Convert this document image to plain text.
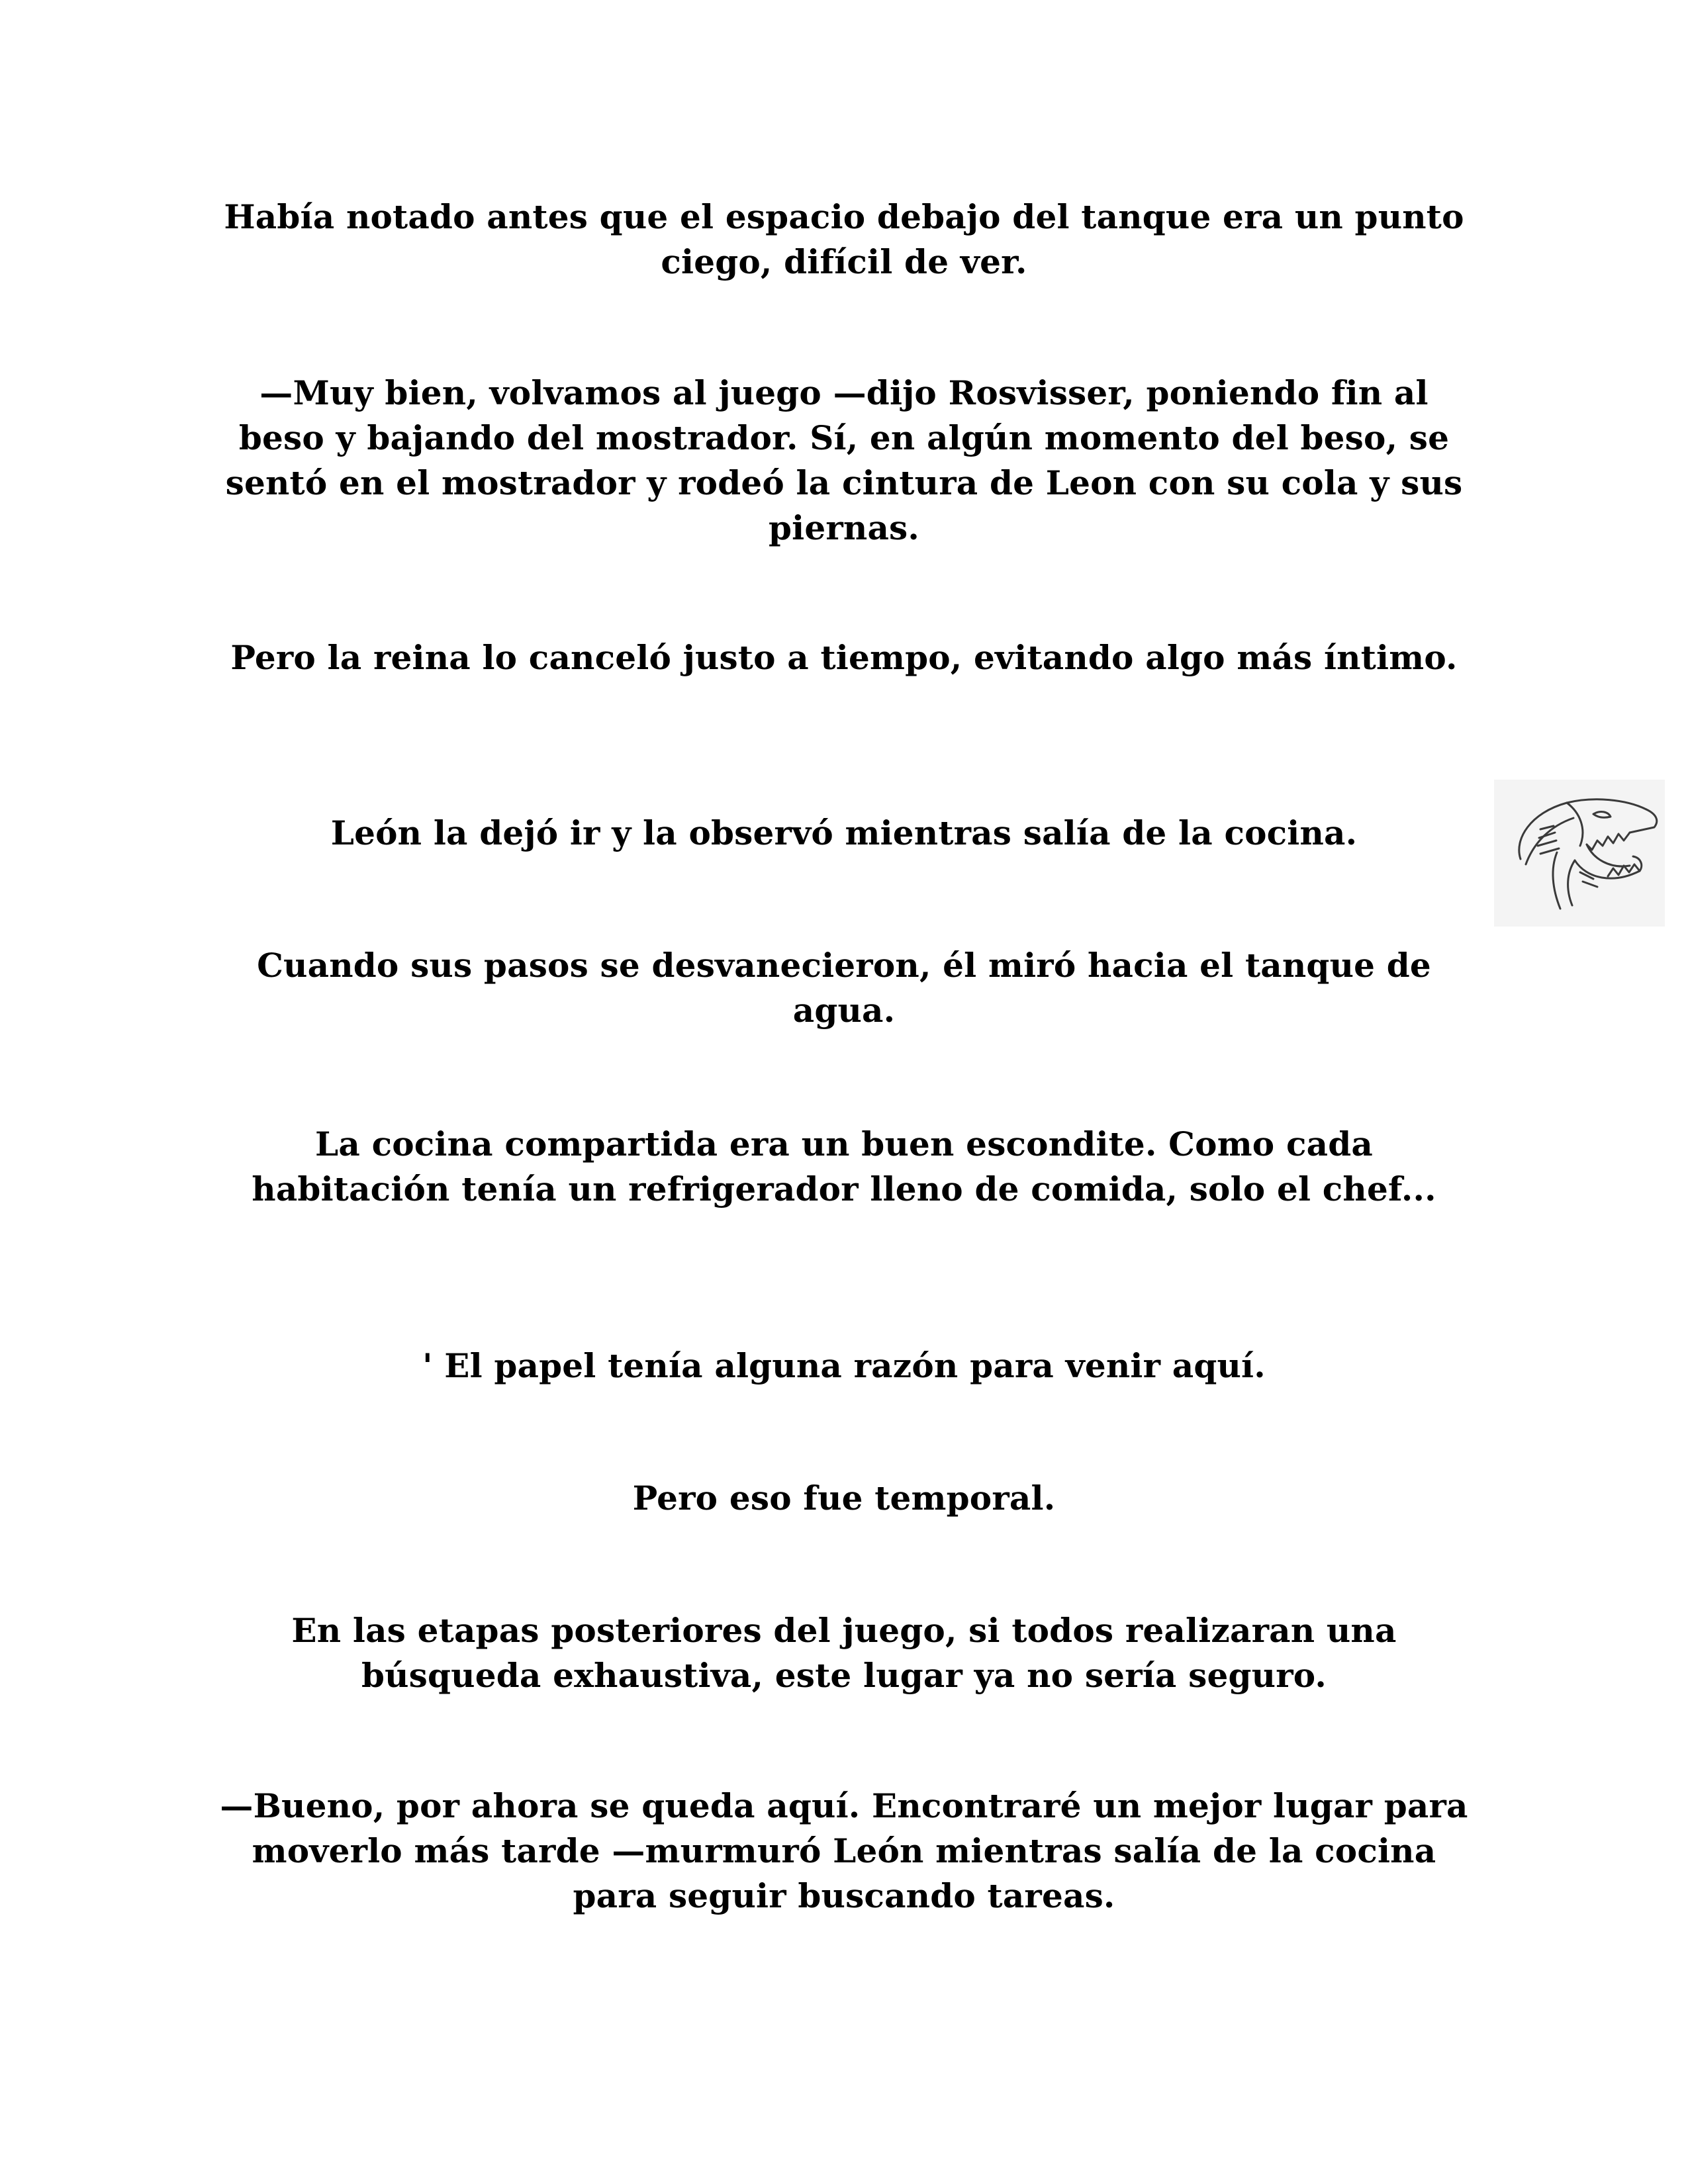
Había notado antes que el espacio debajo del tanque era un punto ciego, difícil de ver.

—Muy bien, volvamos al juego —dijo Rosvisser, poniendo fin al beso y bajando del mostrador. Sí, en algún momento del beso, se sentó en el mostrador y rodeó la cintura de Leon con su cola y sus piernas.

Pero la reina lo canceló justo a tiempo, evitando algo más íntimo.

León la dejó ir y la observó mientras salía de la cocina.

Cuando sus pasos se desvanecieron, él miró hacia el tanque de agua.

La cocina compartida era un buen escondite. Como cada habitación tenía un refrigerador lleno de comida, solo el chef...

' El papel tenía alguna razón para venir aquí.

Pero eso fue temporal.

En las etapas posteriores del juego, si todos realizaran una búsqueda exhaustiva, este lugar ya no sería seguro.

—Bueno, por ahora se queda aquí. Encontraré un mejor lugar para moverlo más tarde —murmuró León mientras salía de la cocina para seguir buscando tareas.
